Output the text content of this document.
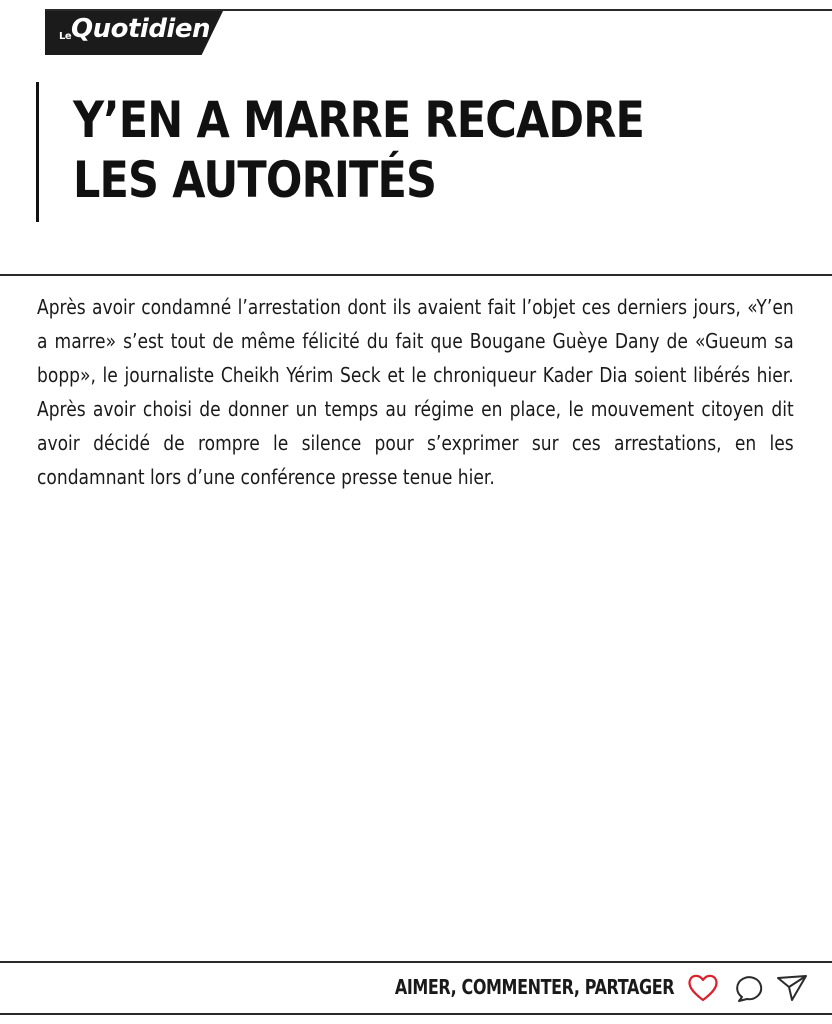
Le Quotidien
Y’EN A MARRE RECADRE LES AUTORITÉS

Après avoir condamné l’arrestation dont ils avaient fait l’objet ces derniers jours, «Y’en a marre» s’est tout de même félicité du fait que Bougane Guèye Dany de «Gueum sa bopp», le journaliste Cheikh Yérim Seck et le chroniqueur Kader Dia soient libérés hier. Après avoir choisi de donner un temps au régime en place, le mouvement citoyen dit avoir décidé de rompre le silence pour s’exprimer sur ces arrestations, en les condamnant lors d’une conférence presse tenue hier.

AIMER, COMMENTER, PARTAGER
